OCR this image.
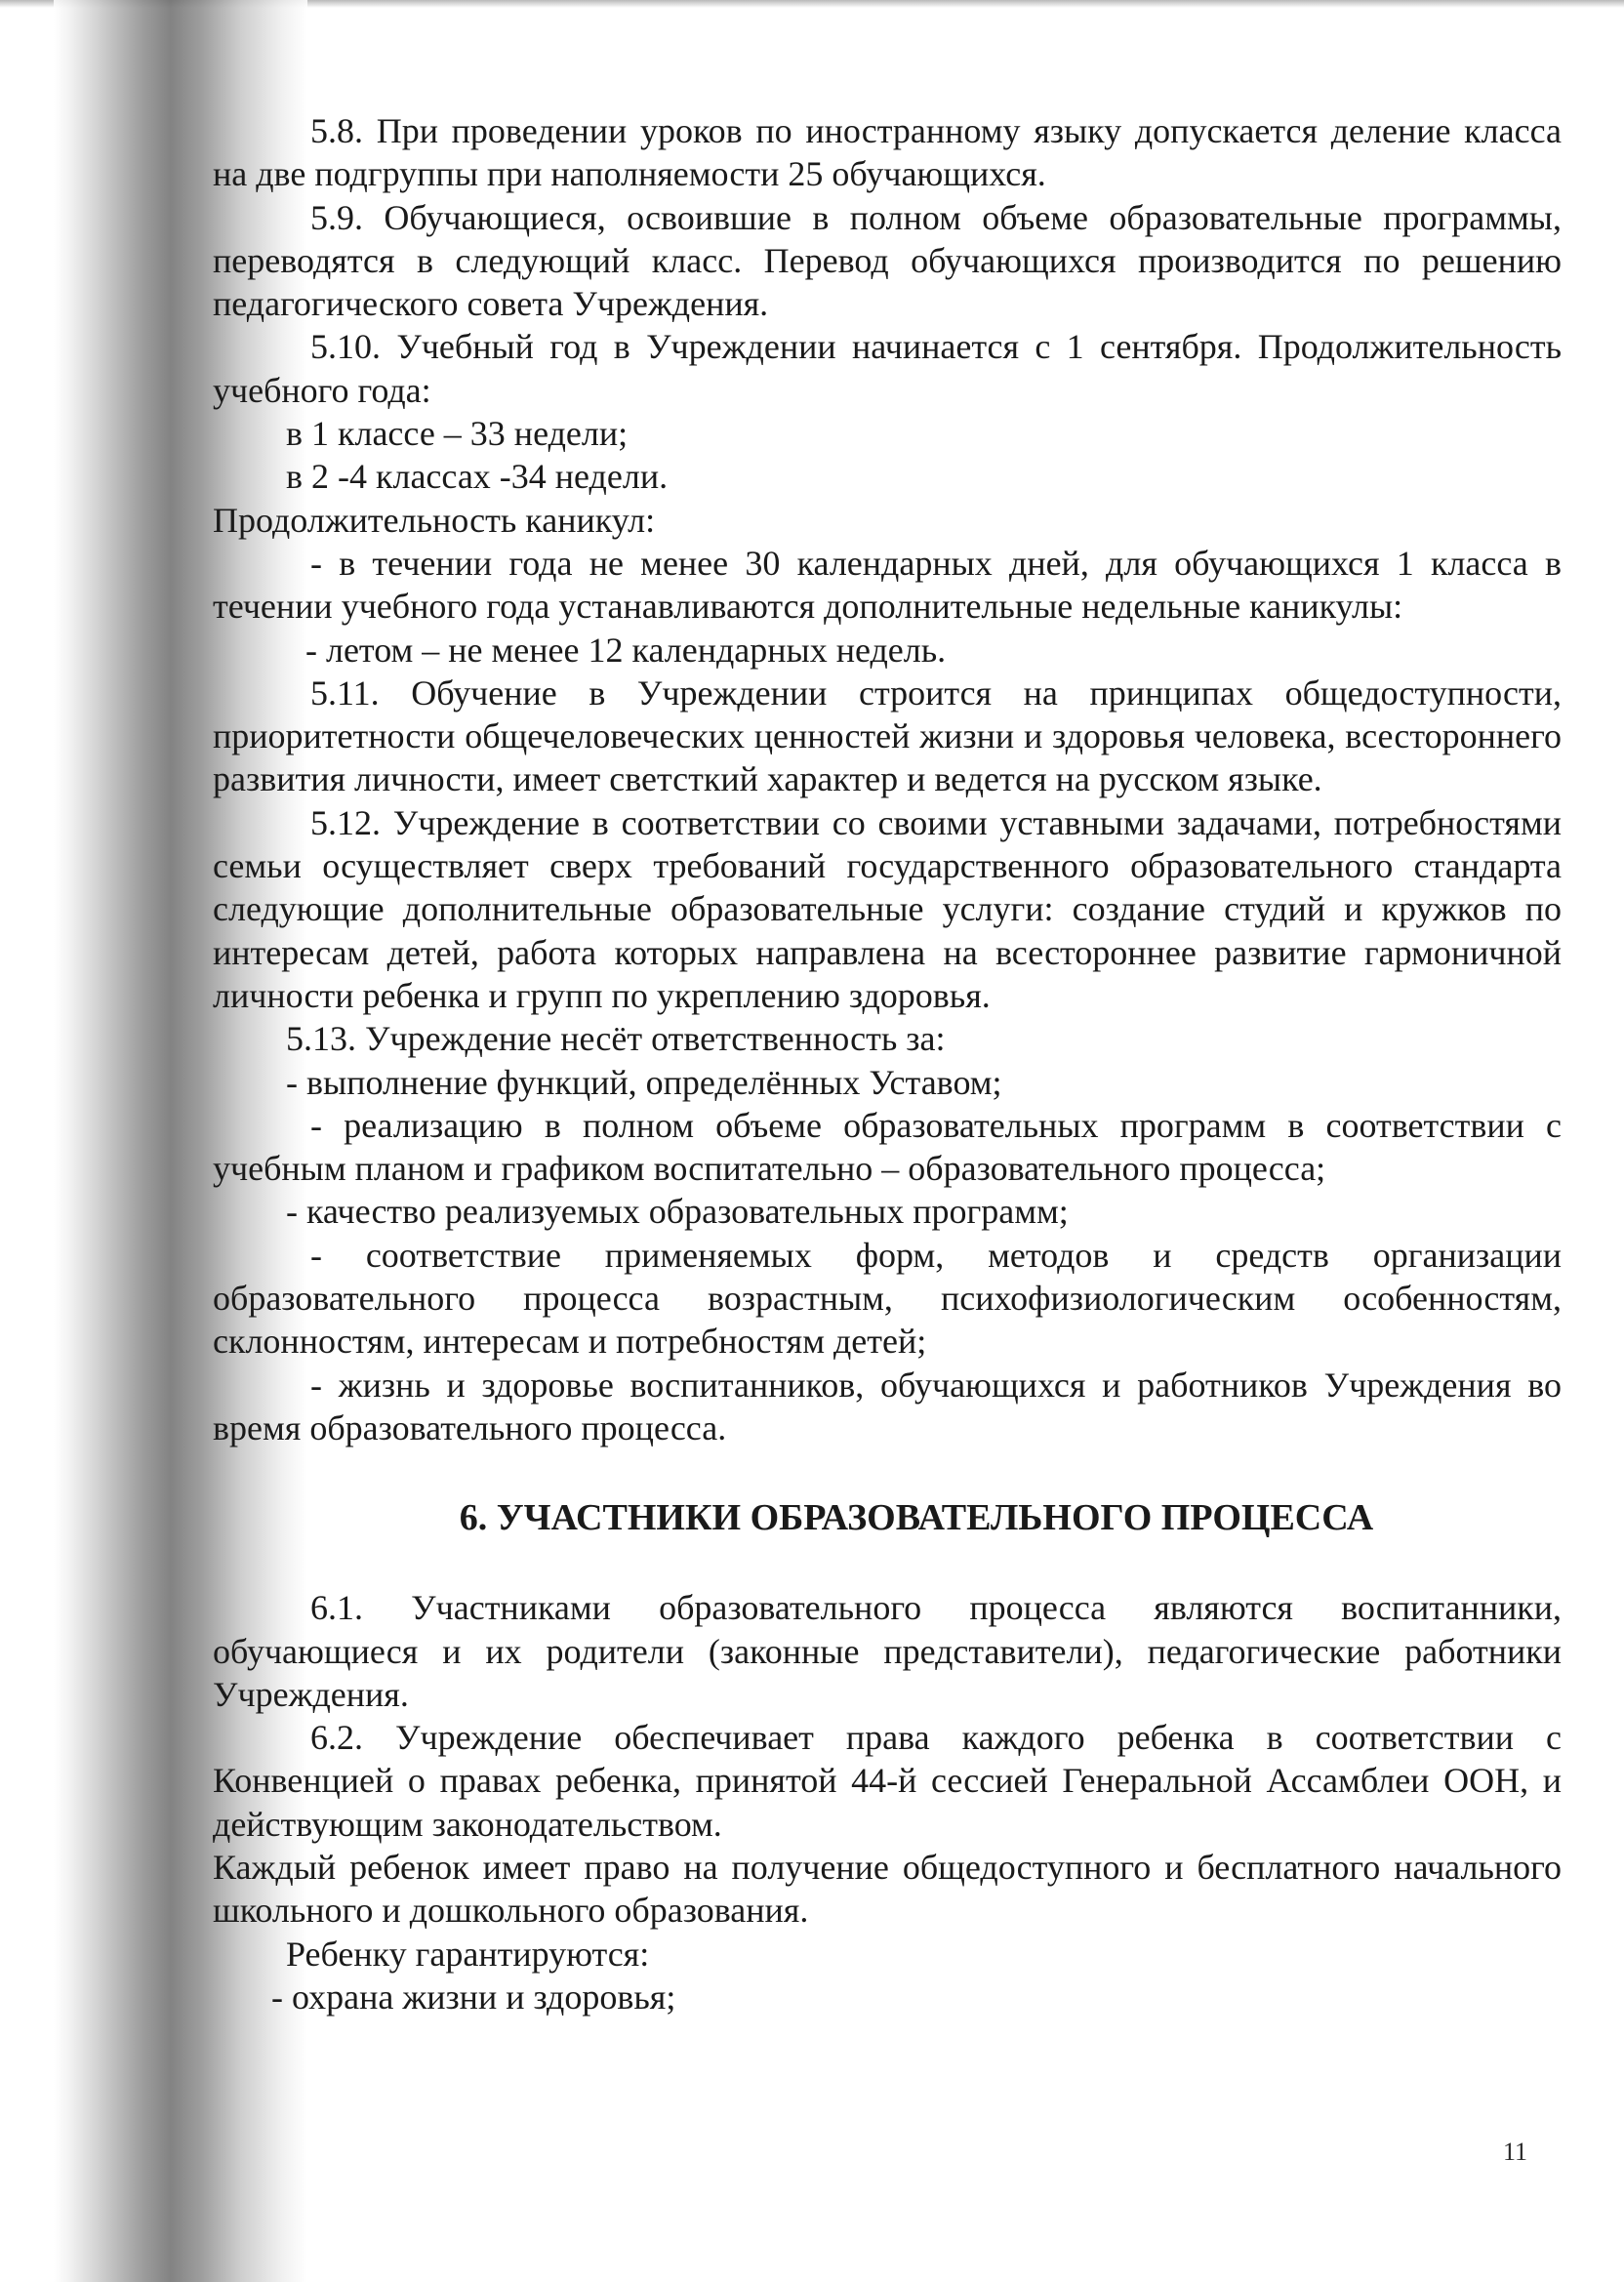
5.8. При проведении уроков по иностранному языку допускается деление класса на две подгруппы при наполняемости 25 обучающихся.

5.9. Обучающиеся, освоившие в полном объеме образовательные программы, переводятся в следующий класс. Перевод обучающихся производится по решению педагогического совета Учреждения.

5.10. Учебный год в Учреждении начинается с 1 сентября. Продолжительность учебного года:

в 1 классе – 33 недели;

в 2 -4 классах -34 недели.

Продолжительность каникул:

- в течении года не менее 30 календарных дней, для обучающихся 1 класса в течении учебного года устанавливаются дополнительные недельные каникулы:

- летом – не менее 12 календарных недель.

5.11. Обучение в Учреждении строится на принципах общедоступности, приоритетности общечеловеческих ценностей жизни и здоровья человека, всестороннего развития личности, имеет светсткий характер и ведется на русском языке.

5.12. Учреждение в соответствии со своими уставными задачами, потребностями семьи осуществляет сверх требований государственного образовательного стандарта следующие дополнительные образовательные услуги: создание студий и кружков по интересам детей, работа которых направлена на всестороннее развитие гармоничной личности ребенка и групп по укреплению здоровья.

5.13. Учреждение несёт ответственность за:

- выполнение функций, определённых Уставом;

- реализацию в полном объеме образовательных программ в соответствии с учебным планом и графиком воспитательно – образовательного процесса;

- качество реализуемых образовательных программ;

- соответствие применяемых форм, методов и средств организации образовательного процесса возрастным, психофизиологическим особенностям, склонностям, интересам и потребностям детей;

- жизнь и здоровье воспитанников, обучающихся и работников Учреждения во время образовательного процесса.

6. УЧАСТНИКИ ОБРАЗОВАТЕЛЬНОГО ПРОЦЕССА

6.1. Участниками образовательного процесса являются воспитанники, обучающиеся и их родители (законные представители), педагогические работники Учреждения.

6.2. Учреждение обеспечивает права каждого ребенка в соответствии с Конвенцией о правах ребенка, принятой 44-й сессией Генеральной Ассамблеи ООН, и действующим законодательством.

Каждый ребенок имеет право на получение общедоступного и бесплатного начального школьного и дошкольного образования.

Ребенку гарантируются:

- охрана жизни и здоровья;

11
